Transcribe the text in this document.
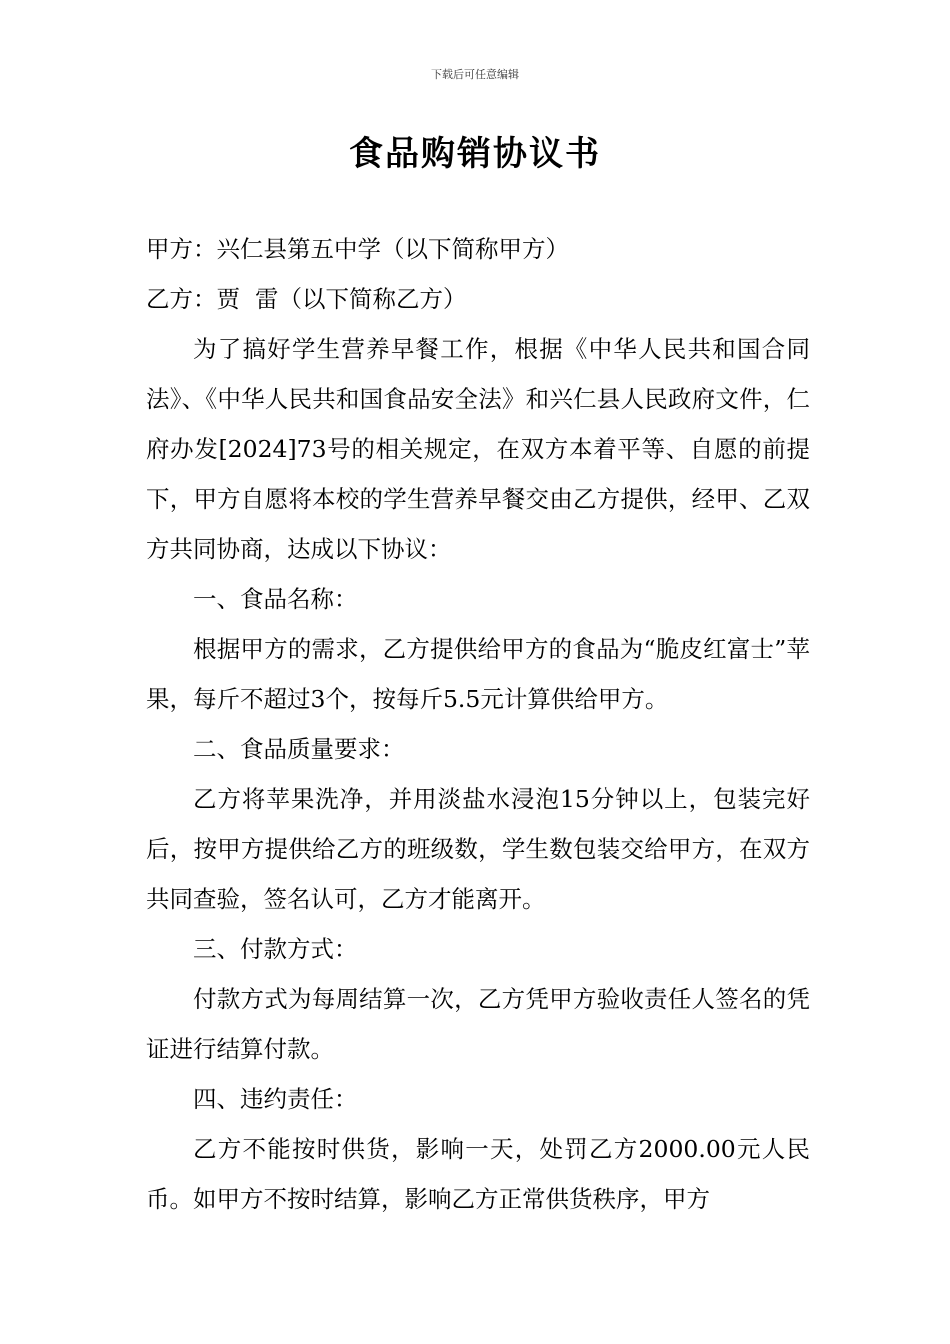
下载后可任意编辑
食品购销协议书

甲方：兴仁县第五中学（以下简称甲方）

乙方：贾  雷（以下简称乙方）

为了搞好学生营养早餐工作，根据《中华人民共和国合同法》、《中华人民共和国食品安全法》和兴仁县人民政府文件，仁府办发[2024]73号的相关规定，在双方本着平等、自愿的前提下，甲方自愿将本校的学生营养早餐交由乙方提供，经甲、乙双方共同协商，达成以下协议：

一、食品名称：

根据甲方的需求，乙方提供给甲方的食品为“脆皮红富士”苹果，每斤不超过3个，按每斤5.5元计算供给甲方。

二、食品质量要求：

乙方将苹果洗净，并用淡盐水浸泡15分钟以上，包装完好后，按甲方提供给乙方的班级数，学生数包装交给甲方，在双方共同查验，签名认可，乙方才能离开。

三、付款方式：

付款方式为每周结算一次，乙方凭甲方验收责任人签名的凭证进行结算付款。

四、违约责任：

乙方不能按时供货，影响一天，处罚乙方2000.00元人民币。如甲方不按时结算，影响乙方正常供货秩序，甲方
